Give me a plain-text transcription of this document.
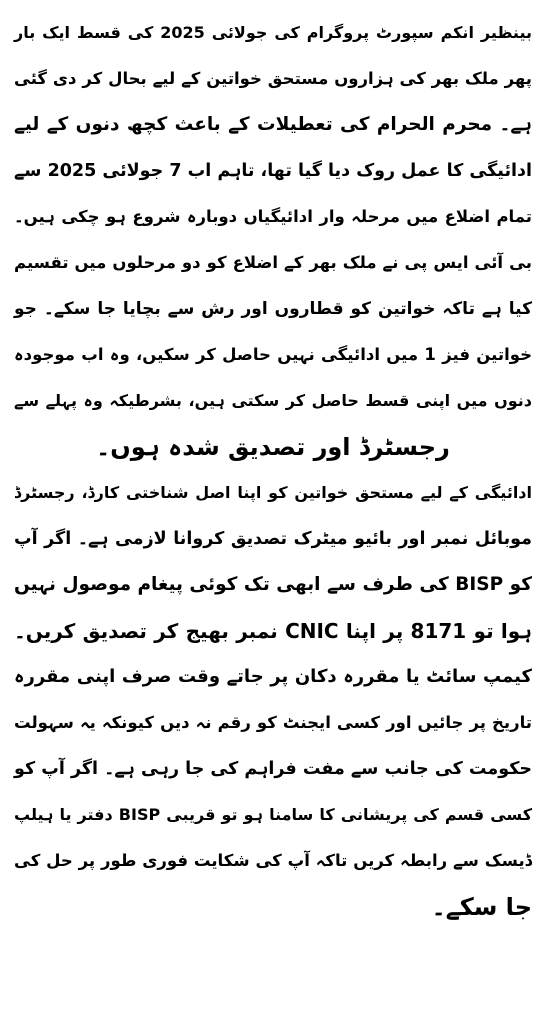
بینظیر انکم سپورٹ پروگرام کی جولائی 2025 کی قسط ایک بار
پھر ملک بھر کی ہزاروں مستحق خواتین کے لیے بحال کر دی گئی
ہے۔ محرم الحرام کی تعطیلات کے باعث کچھ دنوں کے لیے
ادائیگی کا عمل روک دیا گیا تھا، تاہم اب 7 جولائی 2025 سے
تمام اضلاع میں مرحلہ وار ادائیگیاں دوبارہ شروع ہو چکی ہیں۔
بی آئی ایس پی نے ملک بھر کے اضلاع کو دو مرحلوں میں تقسیم
کیا ہے تاکہ خواتین کو قطاروں اور رش سے بچایا جا سکے۔ جو
خواتین فیز 1 میں ادائیگی نہیں حاصل کر سکیں، وہ اب موجودہ
دنوں میں اپنی قسط حاصل کر سکتی ہیں، بشرطیکہ وہ پہلے سے
رجسٹرڈ اور تصدیق شدہ ہوں۔
ادائیگی کے لیے مستحق خواتین کو اپنا اصل شناختی کارڈ، رجسٹرڈ
موبائل نمبر اور بائیو میٹرک تصدیق کروانا لازمی ہے۔ اگر آپ
کو BISP کی طرف سے ابھی تک کوئی پیغام موصول نہیں
ہوا تو 8171 پر اپنا CNIC نمبر بھیج کر تصدیق کریں۔
کیمپ سائٹ یا مقررہ دکان پر جاتے وقت صرف اپنی مقررہ
تاریخ پر جائیں اور کسی ایجنٹ کو رقم نہ دیں کیونکہ یہ سہولت
حکومت کی جانب سے مفت فراہم کی جا رہی ہے۔ اگر آپ کو
کسی قسم کی پریشانی کا سامنا ہو تو قریبی BISP دفتر یا ہیلپ
ڈیسک سے رابطہ کریں تاکہ آپ کی شکایت فوری طور پر حل کی
جا سکے۔
